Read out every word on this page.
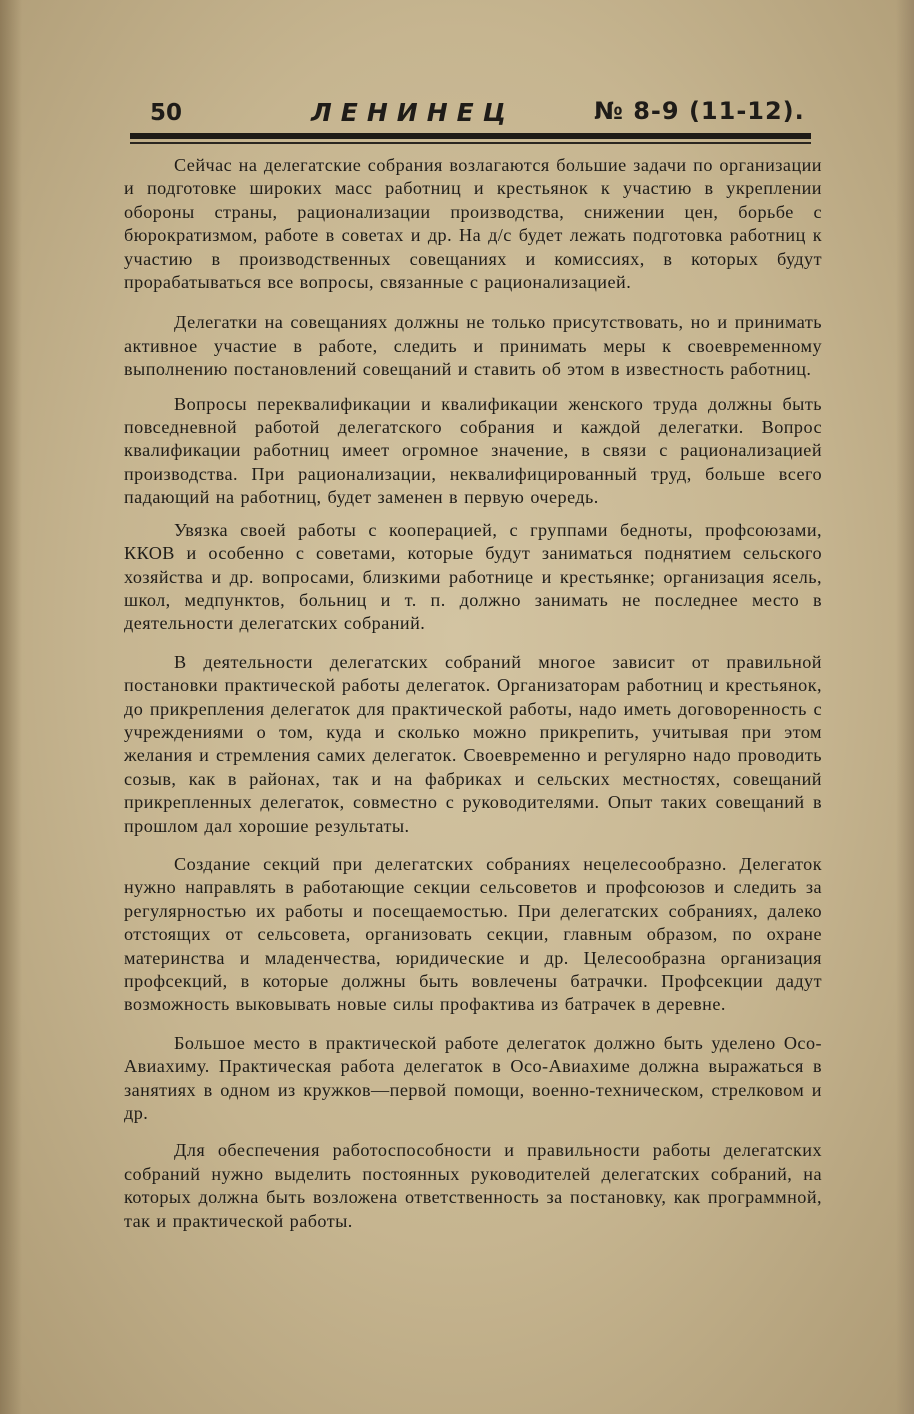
50	ЛЕНИНЕЦ	№ 8-9 (11-12).

Сейчас на делегатские собрания возлагаются большие задачи по организации и подготовке широких масс работниц и крестьянок к участию в укреплении обороны страны, рационализации производства, снижении цен, борьбе с бюрократизмом, работе в советах и др. На д/с будет лежать подготовка работниц к участию в производственных совещаниях и комиссиях, в которых будут прорабатываться все вопросы, связанные с рационализацией.

Делегатки на совещаниях должны не только присутствовать, но и принимать активное участие в работе, следить и принимать меры к своевременному выполнению постановлений совещаний и ставить об этом в известность работниц.

Вопросы переквалификации и квалификации женского труда должны быть повседневной работой делегатского собрания и каждой делегатки. Вопрос квалификации работниц имеет огромное значение, в связи с рационализацией производства. При рационализации, неквалифицированный труд, больше всего падающий на работниц, будет заменен в первую очередь.

Увязка своей работы с кооперацией, с группами бедноты, профсоюзами, ККОВ и особенно с советами, которые будут заниматься поднятием сельского хозяйства и др. вопросами, близкими работнице и крестьянке; организация ясель, школ, медпунктов, больниц и т. п. должно занимать не последнее место в деятельности делегатских собраний.

В деятельности делегатских собраний многое зависит от правильной постановки практической работы делегаток. Организаторам работниц и крестьянок, до прикрепления делегаток для практической работы, надо иметь договоренность с учреждениями о том, куда и сколько можно прикрепить, учитывая при этом желания и стремления самих делегаток. Своевременно и регулярно надо проводить созыв, как в районах, так и на фабриках и сельских местностях, совещаний прикрепленных делегаток, совместно с руководителями. Опыт таких совещаний в прошлом дал хорошие результаты.

Создание секций при делегатских собраниях нецелесообразно. Делегаток нужно направлять в работающие секции сельсоветов и профсоюзов и следить за регулярностью их работы и посещаемостью. При делегатских собраниях, далеко отстоящих от сельсовета, организовать секции, главным образом, по охране материнства и младенчества, юридические и др. Целесообразна организация профсекций, в которые должны быть вовлечены батрачки. Профсекции дадут возможность выковывать новые силы профактива из батрачек в деревне.

Большое место в практической работе делегаток должно быть уделено Осо-Авиахиму. Практическая работа делегаток в Осо-Авиахиме должна выражаться в занятиях в одном из кружков—первой помощи, военно-техническом, стрелковом и др.

Для обеспечения работоспособности и правильности работы делегатских собраний нужно выделить постоянных руководителей делегатских собраний, на которых должна быть возложена ответственность за постановку, как программной, так и практической работы.
